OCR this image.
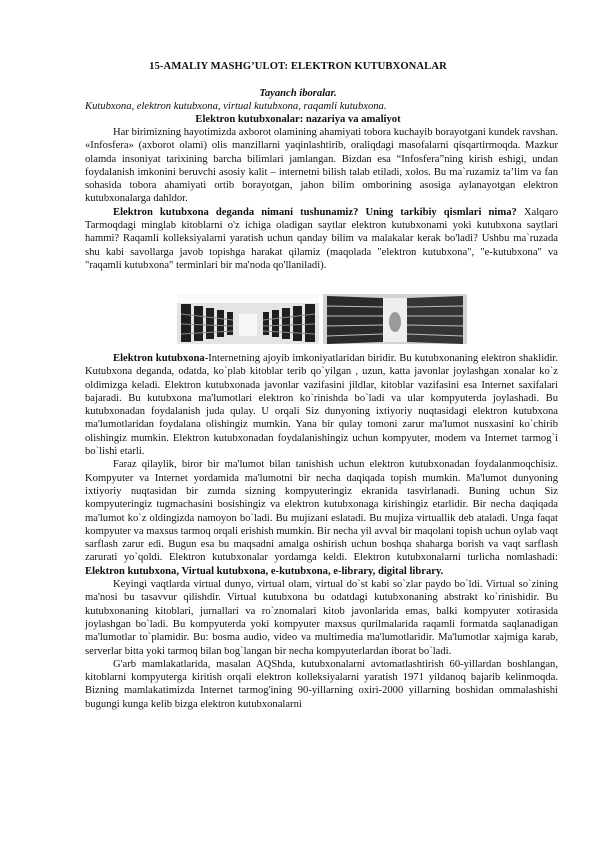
15-AMALIY MASHG’ULOT: ELEKTRON KUTUBXONALAR
Tayanch iboralar.
Kutubxona, elektron kutubxona, virtual kutubxona, raqamli kutubxona.
Elektron kutubxonalar: nazariya va amaliyot

Har birimizning hayotimizda axborot olamining ahamiyati tobora kuchayib borayotgani kundek ravshan. «Infosfera» (axborot olami) olis manzillarni yaqinlashtirib, oraliqdagi masofalarni qisqartirmoqda. Mazkur olamda insoniyat tarixining barcha bilimlari jamlangan. Bizdan esa “Infosfera”ning kirish eshigi, undan foydalanish imkonini beruvchi asosiy kalit – internetni bilish talab etiladi, xolos. Bu ma`ruzamiz ta’lim va fan sohasida tobora ahamiyati ortib borayotgan, jahon bilim omborining asosiga aylanayotgan elektron kutubxonalarga dahldor.

Elektron kutubxona deganda nimani tushunamiz? Uning tarkibiy qismlari nima? Xalqaro Tarmoqdagi minglab kitoblarni o'z ichiga oladigan saytlar elektron kutubxonami yoki kutubxona saytlari hammi? Raqamli kolleksiyalarni yaratish uchun qanday bilim va malakalar kerak bo'ladi? Ushbu ma`ruzada shu kabi savollarga javob topishga harakat qilamiz (maqolada "elektron kutubxona", "e-kutubxona" va "raqamli kutubxona" terminlari bir ma'noda qo'llaniladi).

Elektron kutubxona-Internetning ajoyib imkoniyatlaridan biridir. Bu kutubxonaning elektron shaklidir. Kutubxona deganda, odatda, ko`plab kitoblar terib qo`yilgan , uzun, katta javonlar joylashgan xonalar ko`z oldimizga keladi. Elektron kutubxonada javonlar vazifasini jildlar, kitoblar vazifasini esa Internet saxifalari bajaradi. Bu kutubxona ma'lumotlari elektron ko`rinishda bo`ladi va ular kompyuterda joylashadi. Bu kutubxonadan foydalanish juda qulay. U orqali Siz dunyoning ixtiyoriy nuqtasidagi elektron kutubxona ma'lumotlaridan foydalana olishingiz mumkin. Yana bir qulay tomoni zarur ma'lumot nusxasini ko`chirib olishingiz mumkin. Elektron kutubxonadan foydalanishingiz uchun kompyuter, modem va Internet tarmog`i bo`lishi etarli.

Faraz qilaylik, biror bir ma'lumot bilan tanishish uchun elektron kutubxonadan foydalanmoqchisiz. Kompyuter va Internet yordamida ma'lumotni bir necha daqiqada topish mumkin. Ma'lumot dunyoning ixtiyoriy nuqtasidan bir zumda sizning kompyuteringiz ekranida tasvirlanadi. Buning uchun Siz kompyuteringiz tugmachasini bosishingiz va elektron kutubxonaga kirishingiz etarlidir. Bir necha daqiqada ma'lumot ko`z oldingizda namoyon bo`ladi. Bu mujizani eslatadi. Bu mujiza virtuallik deb ataladi. Unga faqat kompyuter va maxsus tarmoq orqali erishish mumkin. Bir necha yil avval bir maqolani topish uchun oylab vaqt sarflash zarur edi. Bugun esa bu maqsadni amalga oshirish uchun boshqa shaharga borish va vaqt sarflash zarurati yo`qoldi. Elektron kutubxonalar yordamga keldi. Elektron kutubxonalarni turlicha nomlashadi: Elektron kutubxona, Virtual kutubxona, e-kutubxona, e-library, digital library.

Keyingi vaqtlarda virtual dunyo, virtual olam, virtual do`st kabi so`zlar paydo bo`ldi. Virtual so`zining ma'nosi bu tasavvur qilishdir. Virtual kutubxona bu odatdagi kutubxonaning abstrakt ko`rinishidir. Bu kutubxonaning kitoblari, jurnallari va ro`znomalari kitob javonlarida emas, balki kompyuter xotirasida joylashgan bo`ladi. Bu kompyuterda yoki kompyuter maxsus qurilmalarida raqamli formatda saqlanadigan ma'lumotlar to`plamidir. Bu: bosma audio, video va multimedia ma'lumotlaridir. Ma'lumotlar xajmiga karab, serverlar bitta yoki tarmoq bilan bog`langan bir necha kompyuterlardan iborat bo`ladi.

G'arb mamlakatlarida, masalan AQShda, kutubxonalarni avtomatlashtirish 60-yillardan boshlangan, kitoblarni kompyuterga kiritish orqali elektron kolleksiyalarni yaratish 1971 yildanoq bajarib kelinmoqda. Bizning mamlakatimizda Internet tarmog'ining 90-yillarning oxiri-2000 yillarning boshidan ommalashishi bugungi kunga kelib bizga elektron kutubxonalarni
